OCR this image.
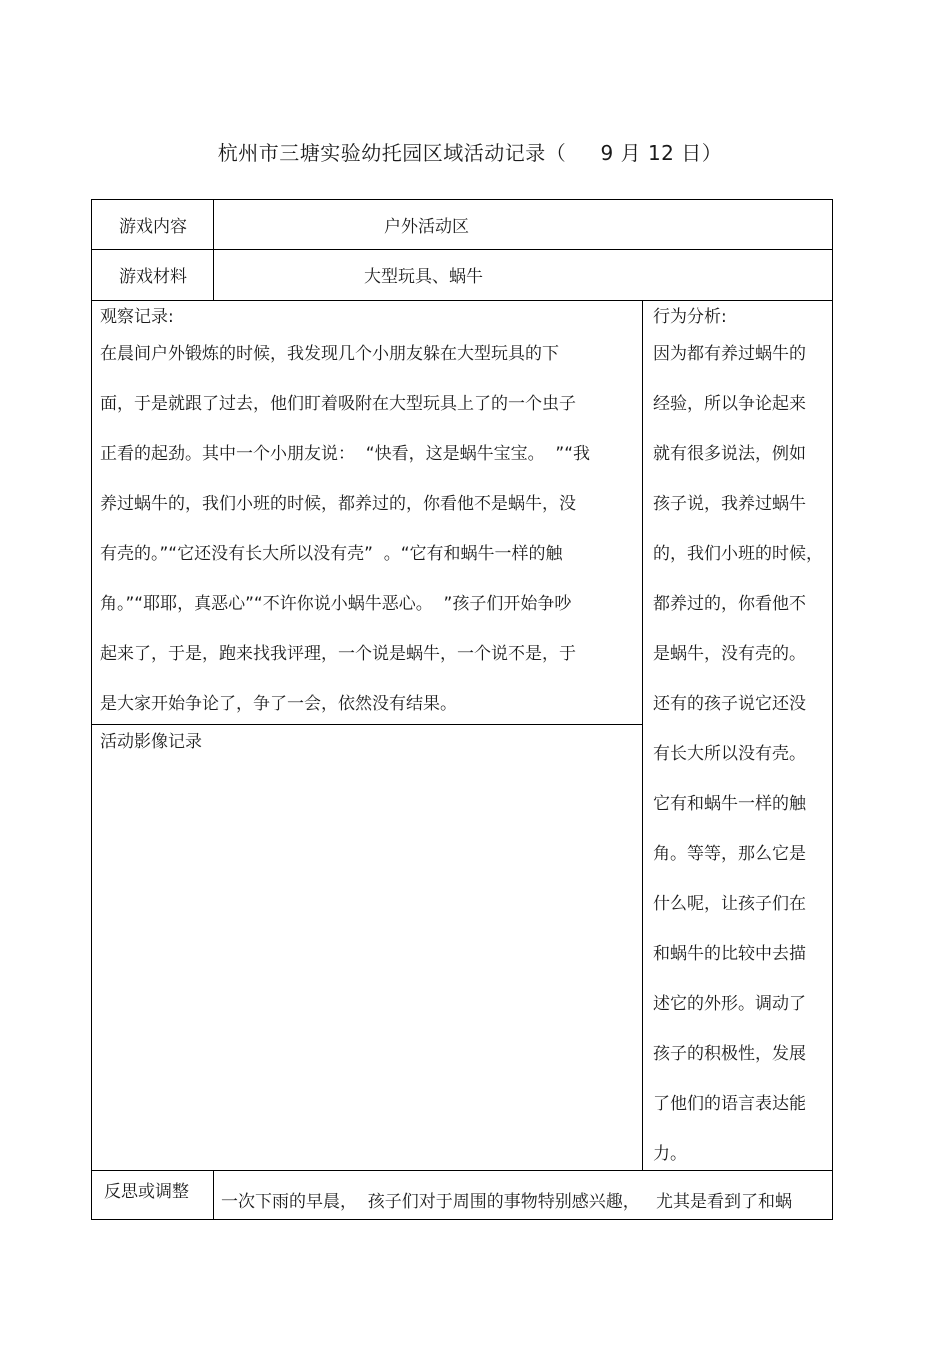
杭州市三塘实验幼托园区域活动记录（     9 月 12 日）
游戏内容	户外活动区
游戏材料	大型玩具、蜗牛
观察记录:
在晨间户外锻炼的时候，我发现几个小朋友躲在大型玩具的下
面，于是就跟了过去，他们盯着吸附在大型玩具上了的一个虫子
正看的起劲。其中一个小朋友说：  “快看，这是蜗牛宝宝。  ”“我
养过蜗牛的，我们小班的时候，都养过的，你看他不是蜗牛，没
有壳的。”“它还没有长大所以没有壳”  。“它有和蜗牛一样的触
角。”“耶耶，真恶心”“不许你说小蜗牛恶心。  ”孩子们开始争吵
起来了，于是，跑来找我评理，一个说是蜗牛，一个说不是，于
是大家开始争论了，争了一会，依然没有结果。
活动影像记录
行为分析:
因为都有养过蜗牛的
经验，所以争论起来
就有很多说法，例如
孩子说，我养过蜗牛
的，我们小班的时候，
都养过的，你看他不
是蜗牛，没有壳的。
还有的孩子说它还没
有长大所以没有壳。
它有和蜗牛一样的触
角。等等，那么它是
什么呢，让孩子们在
和蜗牛的比较中去描
述它的外形。调动了
孩子的积极性，发展
了他们的语言表达能
力。
反思或调整 一次下雨的早晨，  孩子们对于周围的事物特别感兴趣，   尤其是看到了和蜗
